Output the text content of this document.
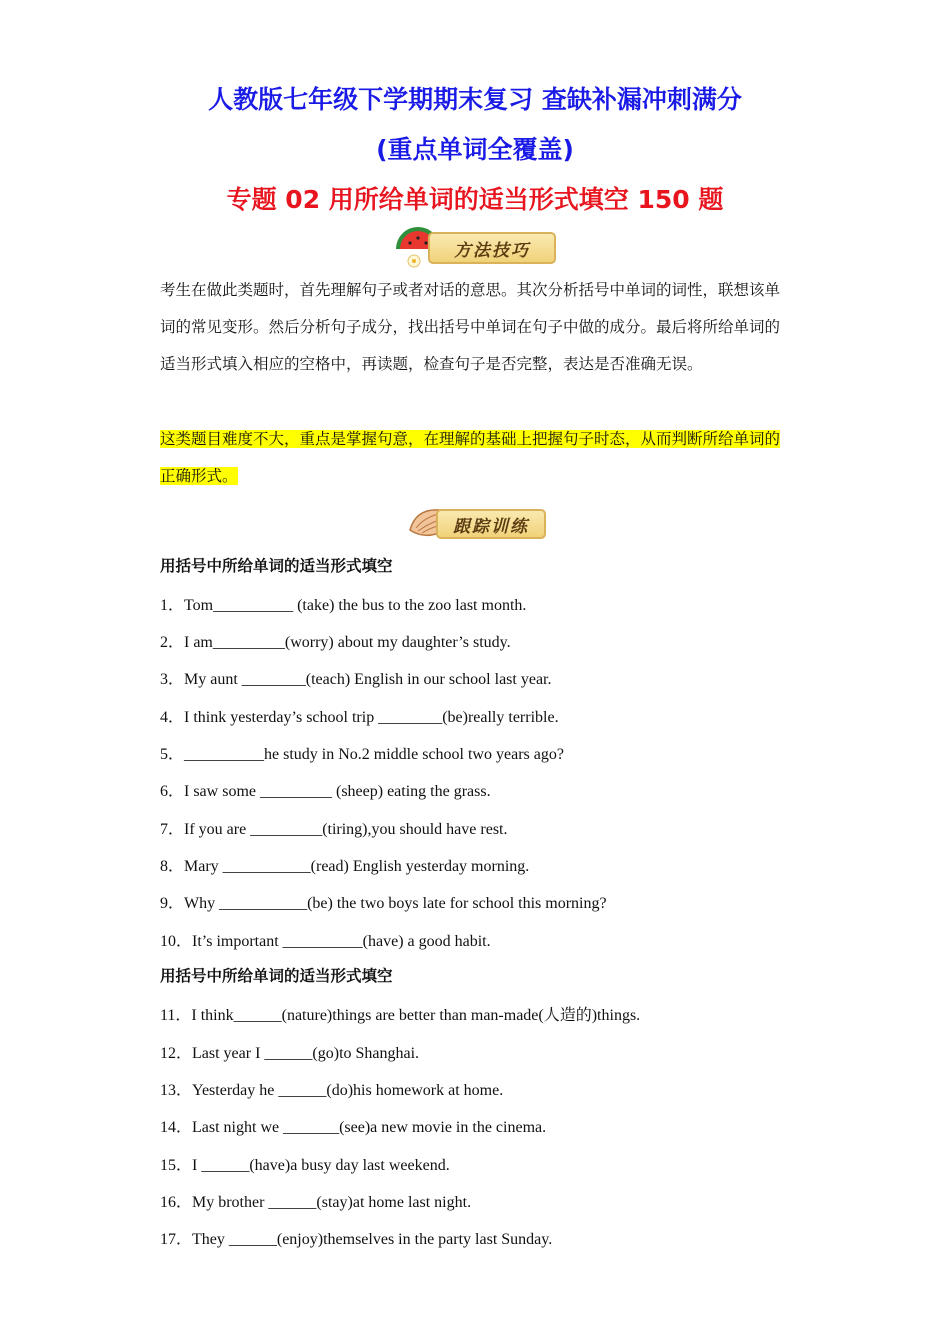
人教版七年级下学期期末复习 查缺补漏冲刺满分
(重点单词全覆盖)
专题 02 用所给单词的适当形式填空 150 题
方法技巧
考生在做此类题时，首先理解句子或者对话的意思。其次分析括号中单词的词性，联想该单词的常见变形。然后分析句子成分，找出括号中单词在句子中做的成分。最后将所给单词的适当形式填入相应的空格中，再读题，检查句子是否完整，表达是否准确无误。
这类题目难度不大，重点是掌握句意，在理解的基础上把握句子时态，从而判断所给单词的正确形式。
跟踪训练
用括号中所给单词的适当形式填空
1．Tom__________ (take) the bus to the zoo last month.
2．I am_________(worry) about my daughter’s study.
3．My aunt ________(teach) English in our school last year.
4．I think yesterday’s school trip ________(be)really terrible.
5．__________he study in No.2 middle school two years ago?
6．I saw some _________ (sheep) eating the grass.
7．If you are _________(tiring),you should have rest.
8．Mary ___________(read) English yesterday morning.
9．Why ___________(be) the two boys late for school this morning?
10．It’s important __________(have) a good habit.
用括号中所给单词的适当形式填空
11．I think______(nature)things are better than man-made(人造的)things.
12．Last year I ______(go)to Shanghai.
13．Yesterday he ______(do)his homework at home.
14．Last night we _______(see)a new movie in the cinema.
15．I ______(have)a busy day last weekend.
16．My brother ______(stay)at home last night.
17．They ______(enjoy)themselves in the party last Sunday.
